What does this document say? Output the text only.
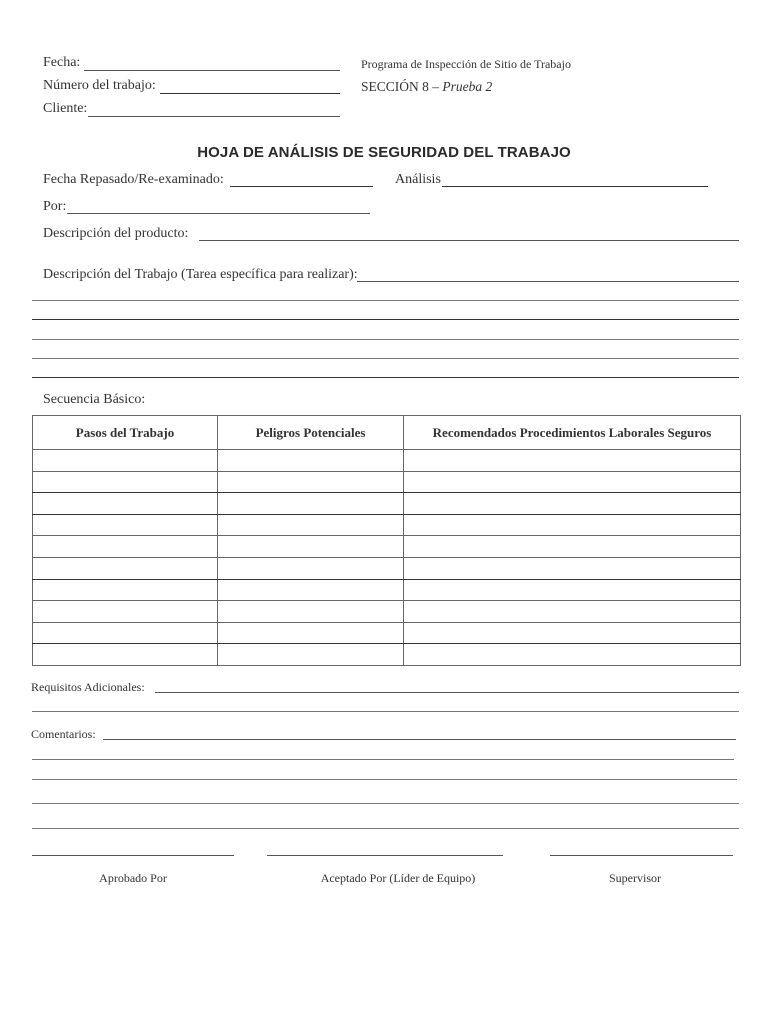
Fecha:
Número del trabajo:
Cliente:
Programa de Inspección de Sitio de Trabajo
SECCIÓN 8 – Prueba 2
HOJA DE ANÁLISIS DE SEGURIDAD DEL TRABAJO
Fecha Repasado/Re-examinado:	Análisis
Por:
Descripción del producto:
Descripción del Trabajo (Tarea específica para realizar):
Secuencia Básico:
Pasos del Trabajo	Peligros Potenciales	Recomendados Procedimientos Laborales Seguros

Requisitos Adicionales:
Comentarios:
Aprobado Por	Aceptado Por (Líder de Equipo)	Supervisor
